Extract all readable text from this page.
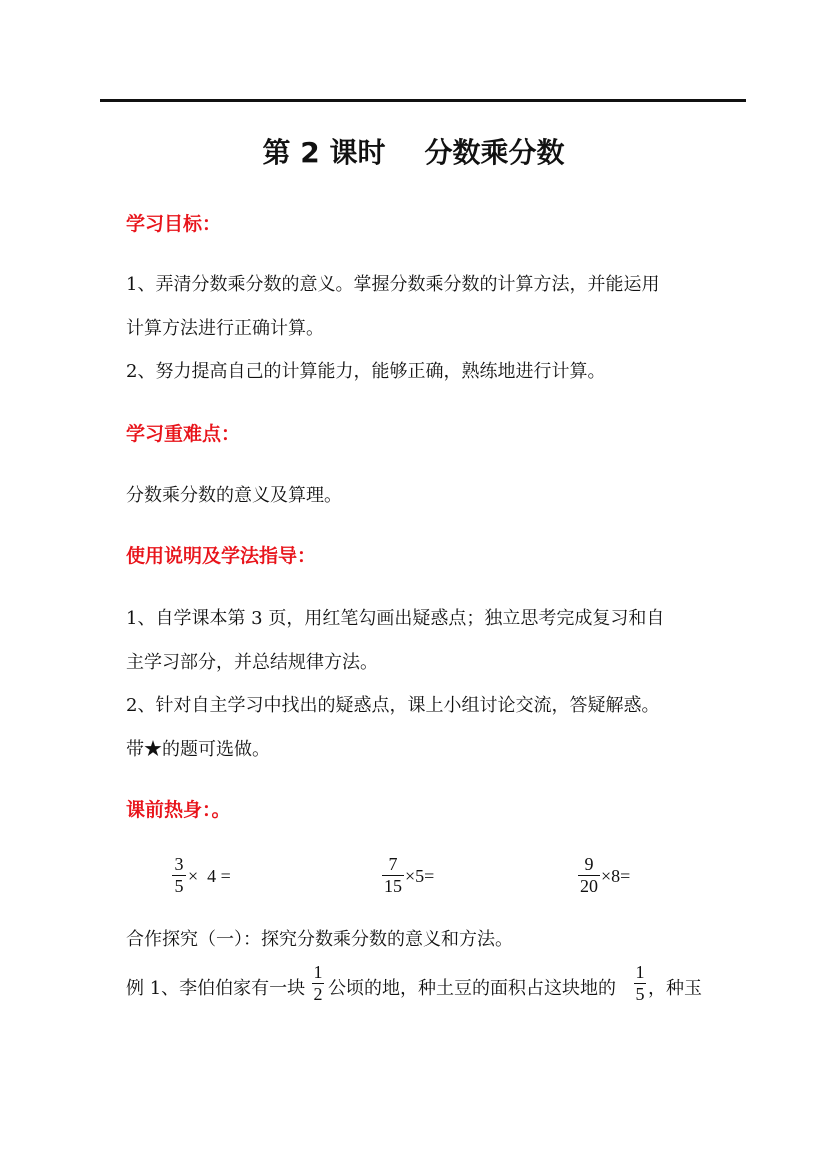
第 2 课时    分数乘分数
学习目标：
1、弄清分数乘分数的意义。掌握分数乘分数的计算方法，并能运用
计算方法进行正确计算。
2、努力提高自己的计算能力，能够正确，熟练地进行计算。
学习重难点：
分数乘分数的意义及算理。
使用说明及学法指导：
1、自学课本第 3 页，用红笔勾画出疑惑点；独立思考完成复习和自
主学习部分，并总结规律方法。
2、针对自主学习中找出的疑惑点，课上小组讨论交流，答疑解惑。
带★的题可选做。
课前热身：。
3
5 ×  4 =
7
15 ×5=
9
20 ×8=
合作探究（一）：探究分数乘分数的意义和方法。
例 1、李伯伯家有一块
1
2 公顷的地，种土豆的面积占这块地的
1
5 ，种玉
